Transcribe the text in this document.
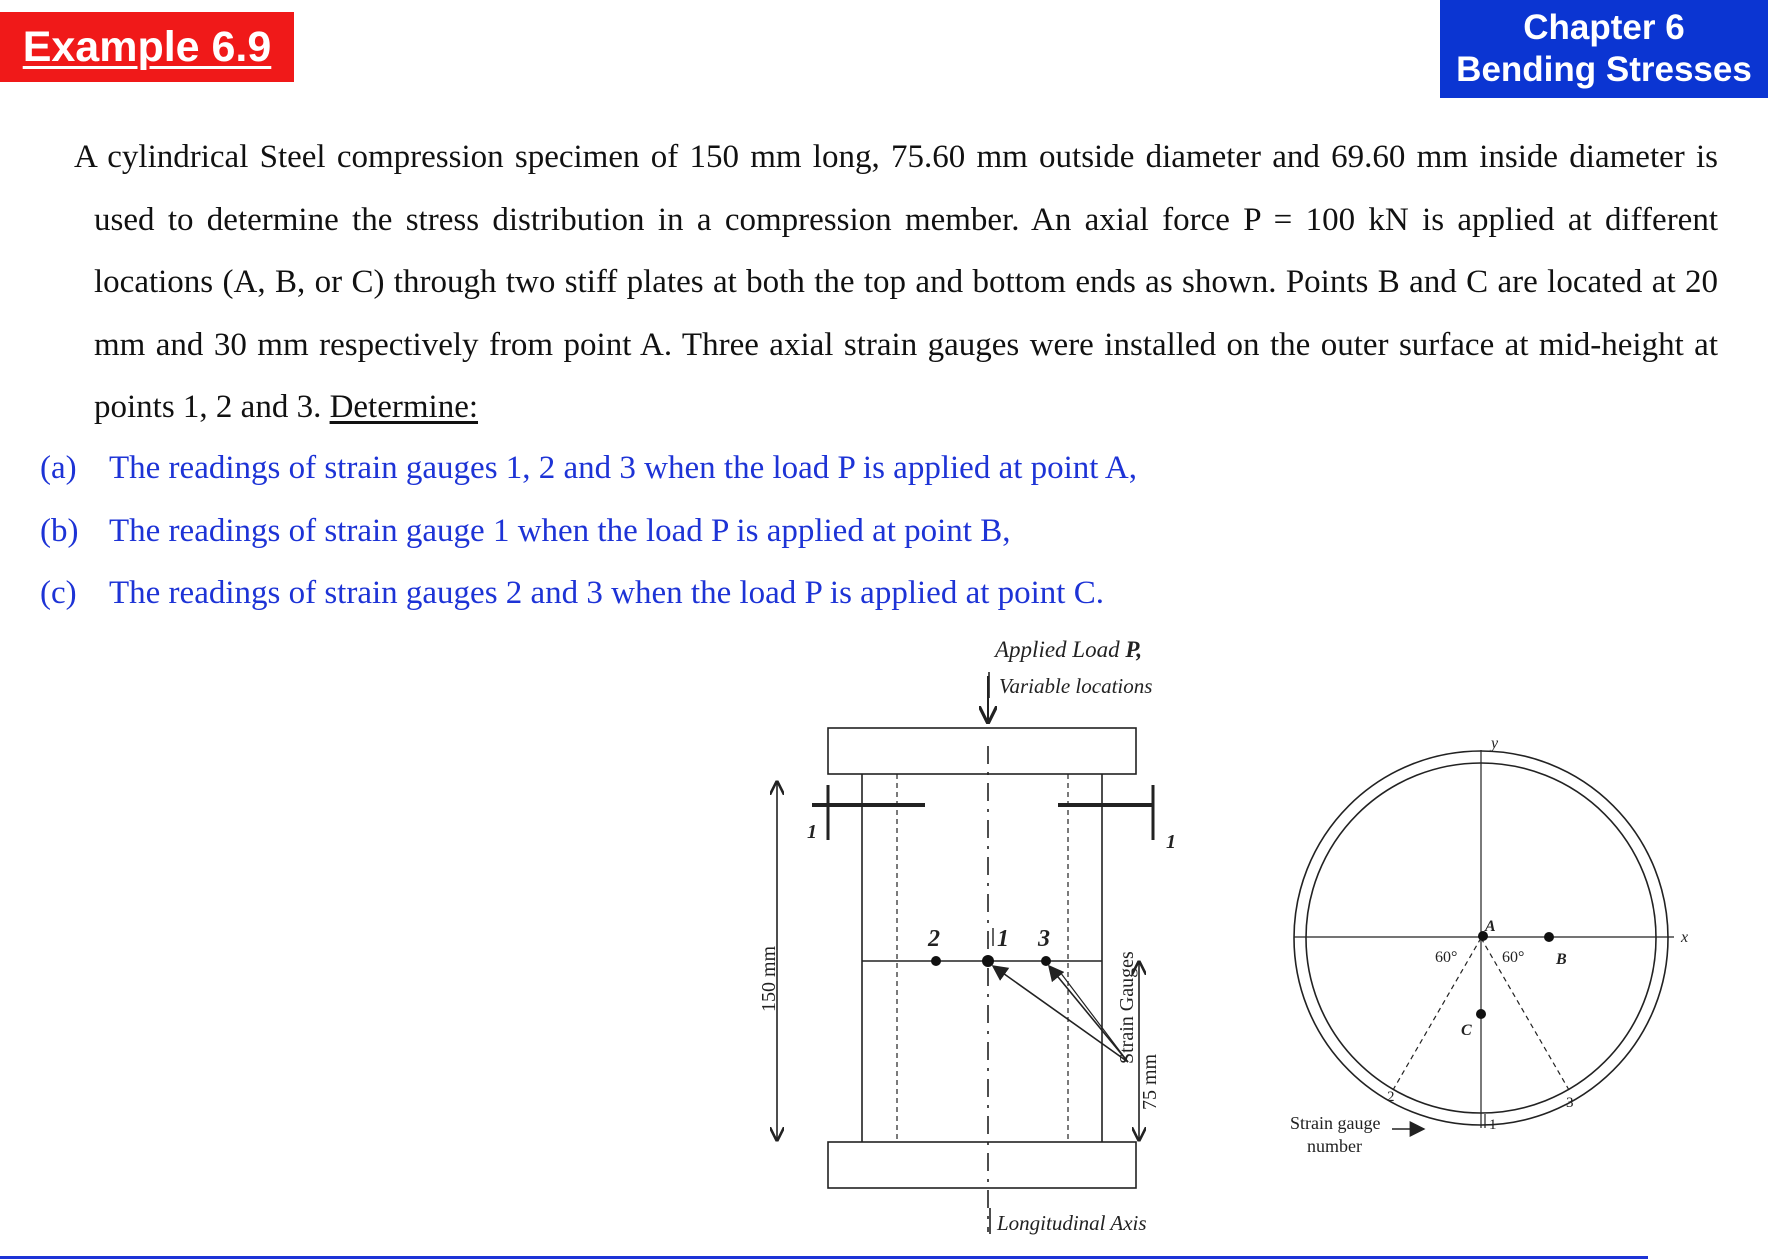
Example 6.9	Chapter 6
Bending Stresses
A cylindrical Steel compression specimen of 150 mm long, 75.60 mm outside diameter and 69.60 mm inside diameter is used to determine the stress distribution in a compression member. An axial force P = 100 kN is applied at different locations (A, B, or C) through two stiff plates at both the top and bottom ends as shown. Points B and C are located at 20 mm and 30 mm respectively from point A. Three axial strain gauges were installed on the outer surface at mid-height at points 1, 2 and 3. Determine:
(a) The readings of strain gauges 1, 2 and 3 when the load P is applied at point A,
(b) The readings of strain gauge 1 when the load P is applied at point B,
(c) The readings of strain gauges 2 and 3 when the load P is applied at point C.
Applied Load P,
Variable locations
1	1
2 1 3
150 mm	Strain Gauges
75 mm
Longitudinal Axis
y
x
A
B
C
60°	60°
2	3
1
Strain gauge
number
